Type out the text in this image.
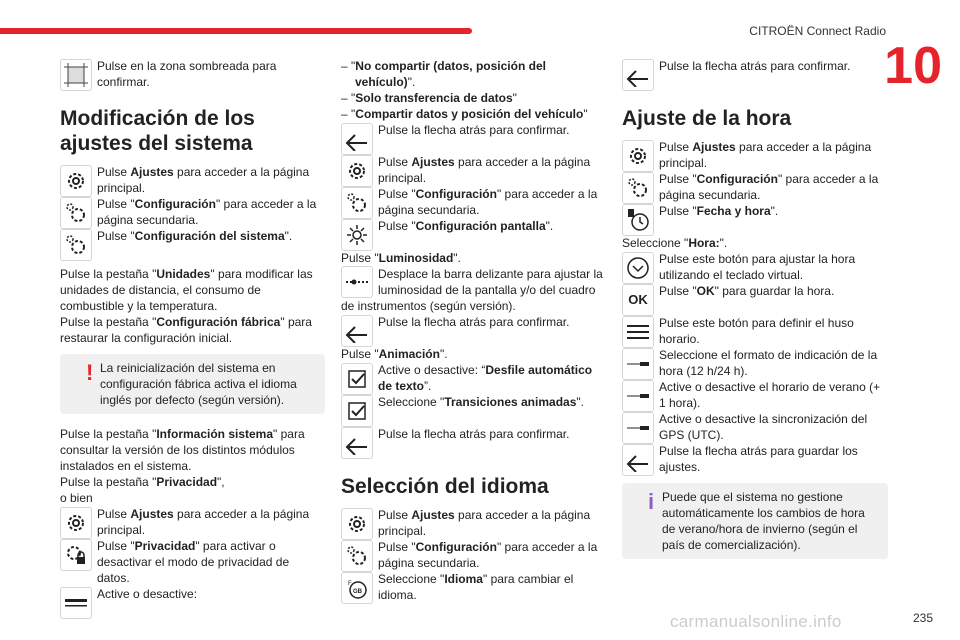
CITROËN Connect Radio
10

Pulse en la zona sombreada para confirmar.

Modificación de los ajustes del sistema

Pulse Ajustes para acceder a la página principal.

Pulse "Configuración" para acceder a la página secundaria.

Pulse "Configuración del sistema".

Pulse la pestaña "Unidades" para modificar las unidades de distancia, el consumo de combustible y la temperatura.

Pulse la pestaña "Configuración fábrica" para restaurar la configuración inicial.

! La reinicialización del sistema en configuración fábrica activa el idioma inglés por defecto (según versión).

Pulse la pestaña "Información sistema" para consultar la versión de los distintos módulos instalados en el sistema.

Pulse la pestaña "Privacidad",

o bien

Pulse Ajustes para acceder a la página principal.

Pulse "Privacidad" para activar o desactivar el modo de privacidad de datos.

Active o desactive:

– "No compartir (datos, posición del vehículo)".

– "Solo transferencia de datos"

– "Compartir datos y posición del vehículo"

Pulse la flecha atrás para confirmar.

Pulse Ajustes para acceder a la página principal.

Pulse "Configuración" para acceder a la página secundaria.

Pulse "Configuración pantalla".

Pulse "Luminosidad".

Desplace la barra delizante para ajustar la luminosidad de la pantalla y/o del cuadro de instrumentos (según versión).

Pulse la flecha atrás para confirmar.

Pulse "Animación".

Active o desactive: “Desfile automático de texto”.

Seleccione "Transiciones animadas".

Pulse la flecha atrás para confirmar.

Selección del idioma

Pulse Ajustes para acceder a la página principal.

Pulse "Configuración" para acceder a la página secundaria.

F
GB

Seleccione "Idioma" para cambiar el idioma.

Pulse la flecha atrás para confirmar.

Ajuste de la hora

Pulse Ajustes para acceder a la página principal.

Pulse "Configuración" para acceder a la página secundaria.

Pulse "Fecha y hora".

Seleccione "Hora:".

Pulse este botón para ajustar la hora utilizando el teclado virtual.

OK

Pulse "OK" para guardar la hora.

Pulse este botón para definir el huso horario.

Seleccione el formato de indicación de la hora (12 h/24 h).

Active o desactive el horario de verano (+ 1 hora).

Active o desactive la sincronización del GPS (UTC).

Pulse la flecha atrás para guardar los ajustes.

i Puede que el sistema no gestione automáticamente los cambios de hora de verano/hora de invierno (según el país de comercialización).
carmanualsonline.info	235
